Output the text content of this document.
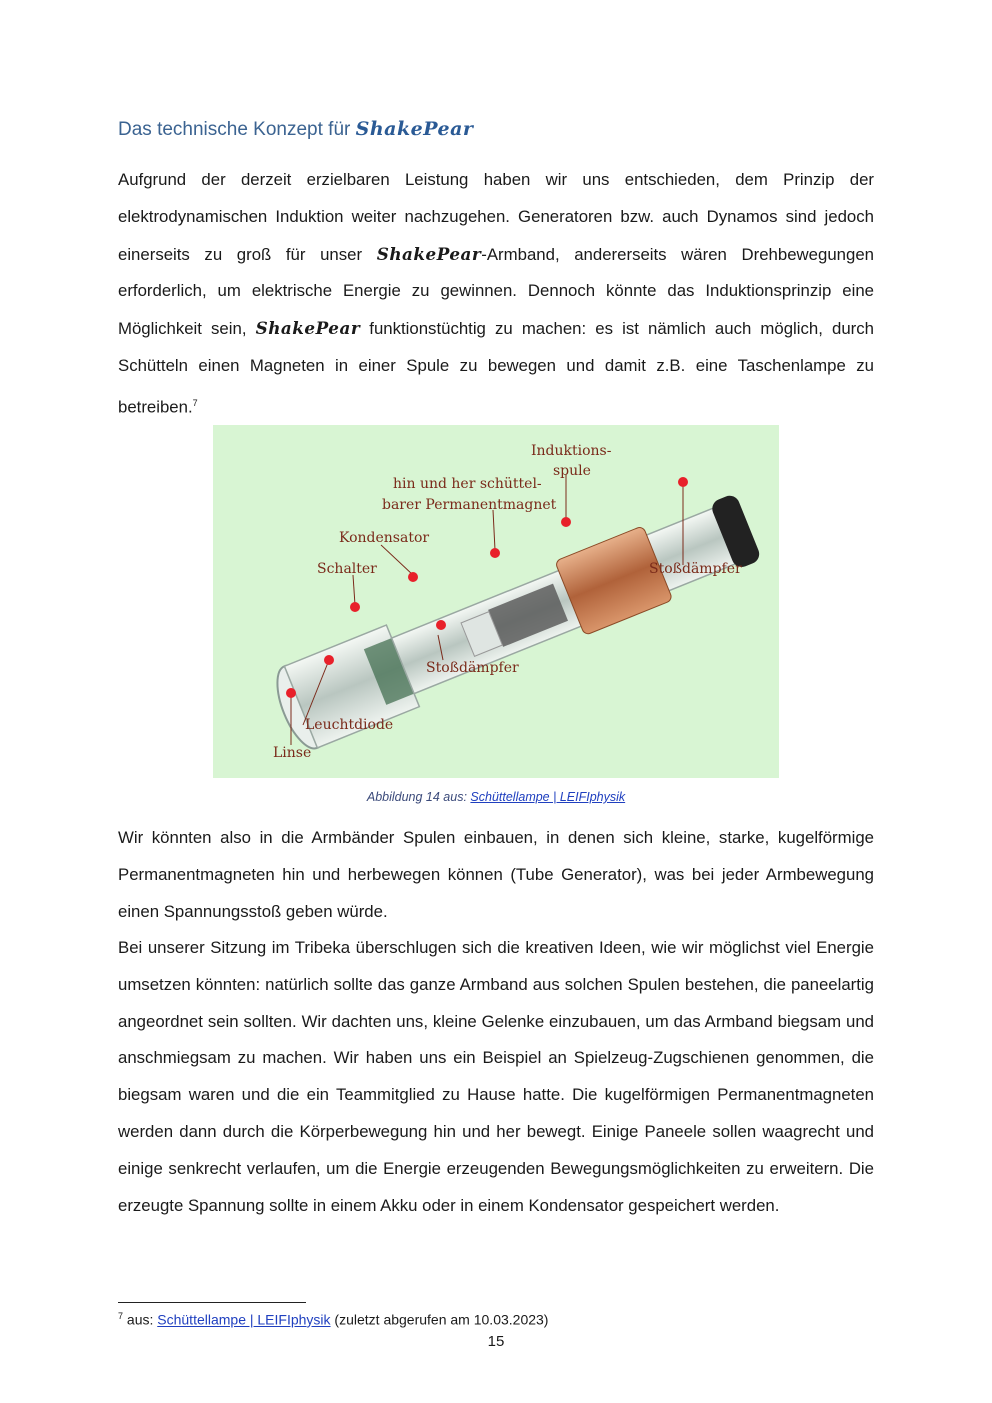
Das technische Konzept für ShakePear

Aufgrund der derzeit erzielbaren Leistung haben wir uns entschieden, dem Prinzip der elektrodynamischen Induktion weiter nachzugehen. Generatoren bzw. auch Dynamos sind jedoch einerseits zu groß für unser ShakePear-Armband, andererseits wären Drehbewegungen erforderlich, um elektrische Energie zu gewinnen. Dennoch könnte das Induktionsprinzip eine Möglichkeit sein, ShakePear funktionstüchtig zu machen: es ist nämlich auch möglich, durch Schütteln einen Magneten in einer Spule zu bewegen und damit z.B. eine Taschenlampe zu betreiben.$^7$

Induktions-
spule
hin und her schüttel-
barer Permanentmagnet
Kondensator
Schalter	Stoßdämpfer
Stoßdämpfer
Leuchtdiode
Linse
Abbildung 14 aus: Schüttellampe | LEIFIphysik

Wir könnten also in die Armbänder Spulen einbauen, in denen sich kleine, starke, kugelförmige Permanentmagneten hin und herbewegen können (Tube Generator), was bei jeder Armbewegung einen Spannungsstoß geben würde.

Bei unserer Sitzung im Tribeka überschlugen sich die kreativen Ideen, wie wir möglichst viel Energie umsetzen könnten: natürlich sollte das ganze Armband aus solchen Spulen bestehen, die paneelartig angeordnet sein sollten. Wir dachten uns, kleine Gelenke einzubauen, um das Armband biegsam und anschmiegsam zu machen. Wir haben uns ein Beispiel an Spielzeug-Zugschienen genommen, die biegsam waren und die ein Teammitglied zu Hause hatte. Die kugelförmigen Permanentmagneten werden dann durch die Körperbewegung hin und her bewegt. Einige Paneele sollen waagrecht und einige senkrecht verlaufen, um die Energie erzeugenden Bewegungsmöglichkeiten zu erweitern. Die erzeugte Spannung sollte in einem Akku oder in einem Kondensator gespeichert werden.

$^7$ aus: Schüttellampe | LEIFIphysik (zuletzt abgerufen am 10.03.2023)
15
